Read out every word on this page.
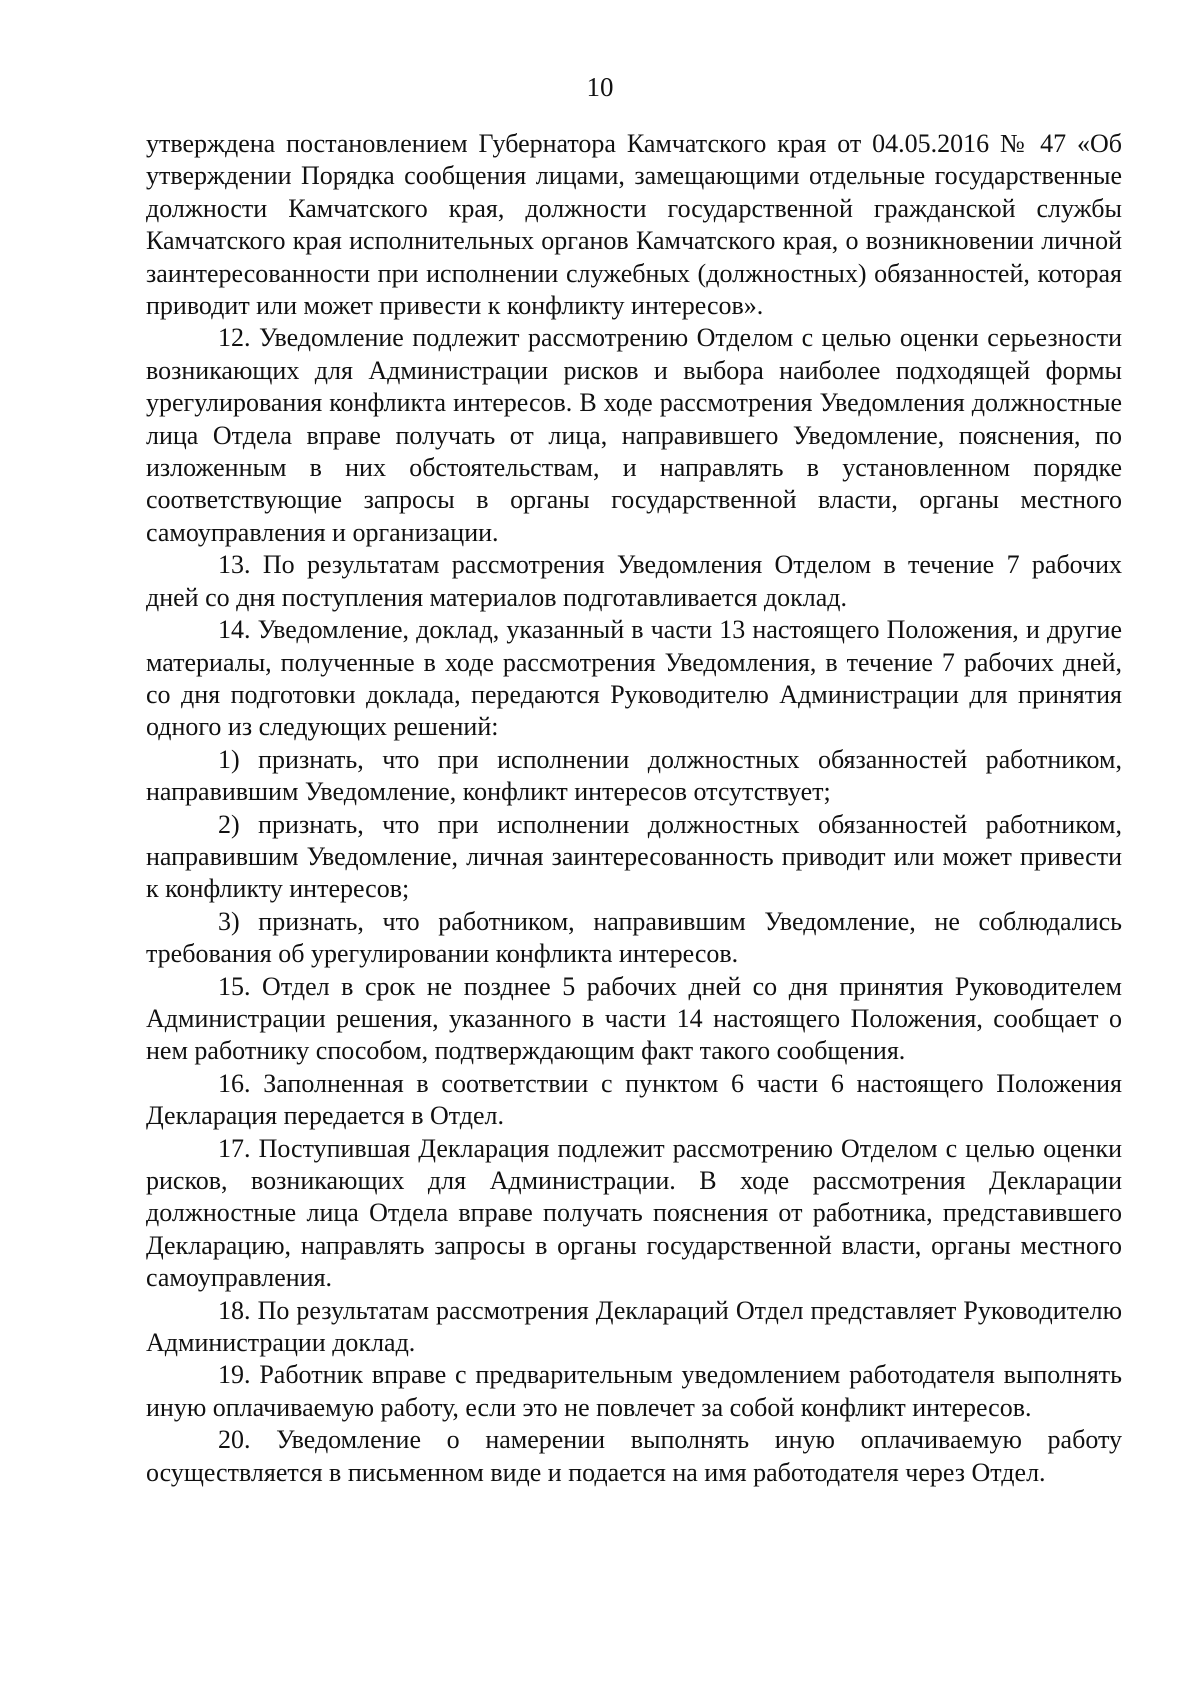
10

утверждена постановлением Губернатора Камчатского края от 04.05.2016 № 47 «Об утверждении Порядка сообщения лицами, замещающими отдельные государственные должности Камчатского края, должности государственной гражданской службы Камчатского края исполнительных органов Камчатского края, о возникновении личной заинтересованности при исполнении служебных (должностных) обязанностей, которая приводит или может привести к конфликту интересов».

12. Уведомление подлежит рассмотрению Отделом с целью оценки серьезности возникающих для Администрации рисков и выбора наиболее подходящей формы урегулирования конфликта интересов. В ходе рассмотрения Уведомления должностные лица Отдела вправе получать от лица, направившего Уведомление, пояснения, по изложенным в них обстоятельствам, и направлять в установленном порядке соответствующие запросы в органы государственной власти, органы местного самоуправления и организации.

13. По результатам рассмотрения Уведомления Отделом в течение 7 рабочих дней со дня поступления материалов подготавливается доклад.

14. Уведомление, доклад, указанный в части 13 настоящего Положения, и другие материалы, полученные в ходе рассмотрения Уведомления, в течение 7 рабочих дней, со дня подготовки доклада, передаются Руководителю Администрации для принятия одного из следующих решений:

1) признать, что при исполнении должностных обязанностей работником, направившим Уведомление, конфликт интересов отсутствует;

2) признать, что при исполнении должностных обязанностей работником, направившим Уведомление, личная заинтересованность приводит или может привести к конфликту интересов;

3) признать, что работником, направившим Уведомление, не соблюдались требования об урегулировании конфликта интересов.

15. Отдел в срок не позднее 5 рабочих дней со дня принятия Руководителем Администрации решения, указанного в части 14 настоящего Положения, сообщает о нем работнику способом, подтверждающим факт такого сообщения.

16. Заполненная в соответствии с пунктом 6 части 6 настоящего Положения Декларация передается в Отдел.

17. Поступившая Декларация подлежит рассмотрению Отделом с целью оценки рисков, возникающих для Администрации. В ходе рассмотрения Декларации должностные лица Отдела вправе получать пояснения от работника, представившего Декларацию, направлять запросы в органы государственной власти, органы местного самоуправления.

18. По результатам рассмотрения Деклараций Отдел представляет Руководителю Администрации доклад.

19. Работник вправе с предварительным уведомлением работодателя выполнять иную оплачиваемую работу, если это не повлечет за собой конфликт интересов.

20. Уведомление о намерении выполнять иную оплачиваемую работу осуществляется в письменном виде и подается на имя работодателя через Отдел.
